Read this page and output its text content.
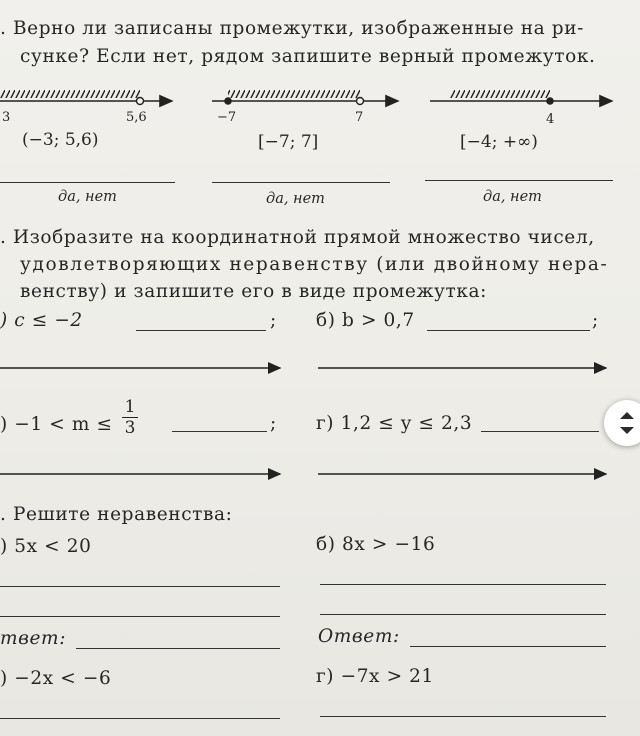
. Верно ли записаны промежутки, изображенные на ри-
сунке? Если нет, рядом запишите верный промежуток.
3	5,6	−7	7	4
(−3; 5,6)	[−7; 7]	[−4; +∞)
да, нет	да, нет	да, нет
. Изобразите на координатной прямой множество чисел,
удовлетворяющих неравенству (или двойному нера-
венству) и запишите его в виде промежутка:
) c ≤ −2	; б) b > 0,7	;
) −1 < m ≤
1
3	; г) 1,2 ≤ y ≤ 2,3
. Решите неравенства:
) 5x < 20	б) 8x > −16
твет:	Ответ:
) −2x < −6	г) −7x > 21
